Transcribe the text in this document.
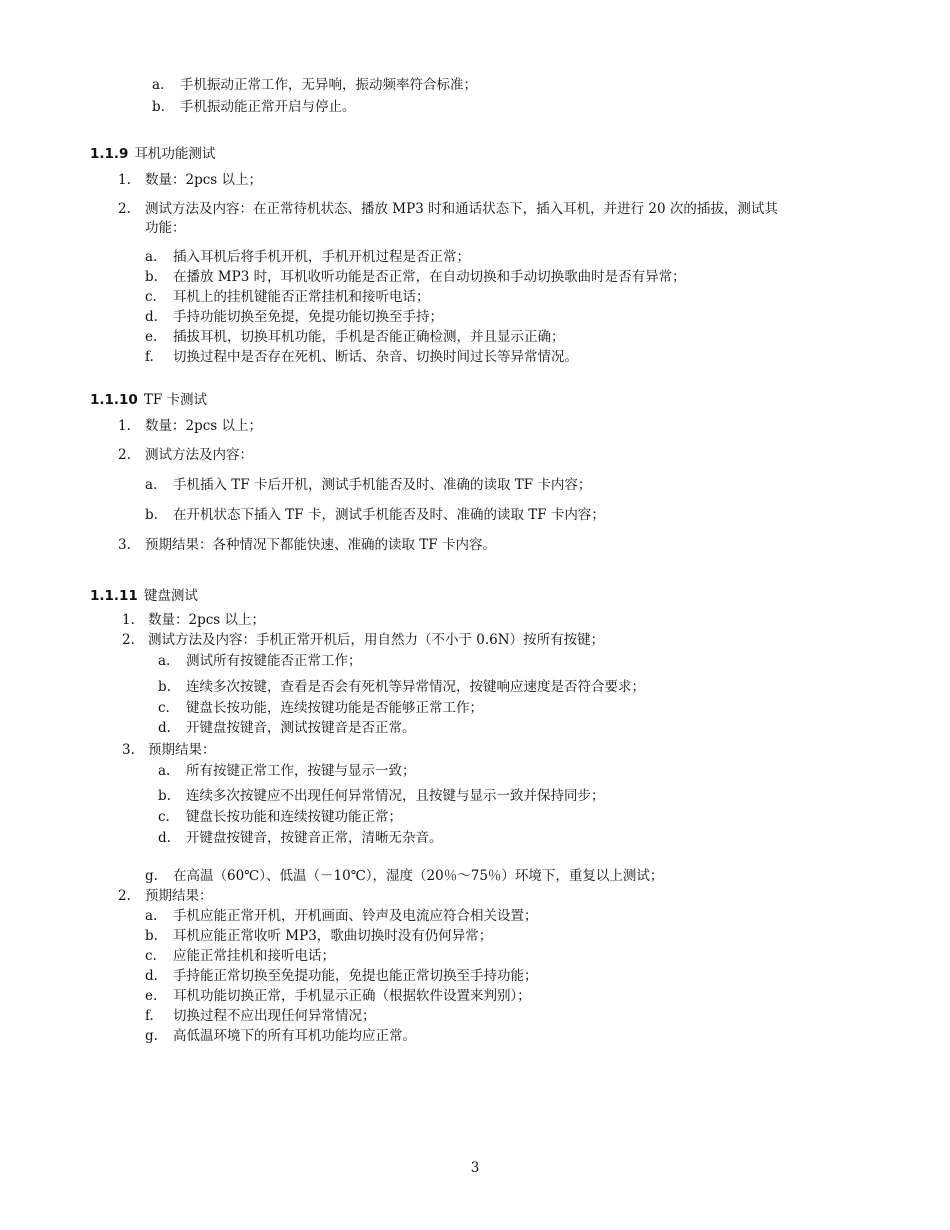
a. 手机振动正常工作，无异响，振动频率符合标准；
b. 手机振动能正常开启与停止。
1.1.9 耳机功能测试
1. 数量：2pcs 以上；
2. 测试方法及内容：在正常待机状态、播放 MP3 时和通话状态下，插入耳机，并进行 20 次的插拔，测试其
功能：
a. 插入耳机后将手机开机，手机开机过程是否正常；
b. 在播放 MP3 时，耳机收听功能是否正常，在自动切换和手动切换歌曲时是否有异常；
c. 耳机上的挂机键能否正常挂机和接听电话；
d. 手持功能切换至免提，免提功能切换至手持；
e. 插拔耳机，切换耳机功能，手机是否能正确检测，并且显示正确；
f. 切换过程中是否存在死机、断话、杂音、切换时间过长等异常情况。
1.1.10 TF 卡测试
1. 数量：2pcs 以上；
2. 测试方法及内容：
a. 手机插入 TF 卡后开机，测试手机能否及时、准确的读取 TF 卡内容；
b. 在开机状态下插入 TF 卡，测试手机能否及时、准确的读取 TF 卡内容；
3. 预期结果：各种情况下都能快速、准确的读取 TF 卡内容。
1.1.11 键盘测试
1. 数量：2pcs 以上；
2. 测试方法及内容：手机正常开机后，用自然力（不小于 0.6N）按所有按键；
a. 测试所有按键能否正常工作；
b. 连续多次按键，查看是否会有死机等异常情况，按键响应速度是否符合要求；
c. 键盘长按功能，连续按键功能是否能够正常工作；
d. 开键盘按键音，测试按键音是否正常。
3. 预期结果：
a. 所有按键正常工作，按键与显示一致；
b. 连续多次按键应不出现任何异常情况，且按键与显示一致并保持同步；
c. 键盘长按功能和连续按键功能正常；
d. 开键盘按键音，按键音正常，清晰无杂音。
g. 在高温（60℃）、低温（－10℃），湿度（20％～75％）环境下，重复以上测试；
2. 预期结果：
a. 手机应能正常开机，开机画面、铃声及电流应符合相关设置；
b. 耳机应能正常收听 MP3，歌曲切换时没有仍何异常；
c. 应能正常挂机和接听电话；
d. 手持能正常切换至免提功能，免提也能正常切换至手持功能；
e. 耳机功能切换正常，手机显示正确（根据软件设置来判别）；
f. 切换过程不应出现任何异常情况；
g. 高低温环境下的所有耳机功能均应正常。
3
